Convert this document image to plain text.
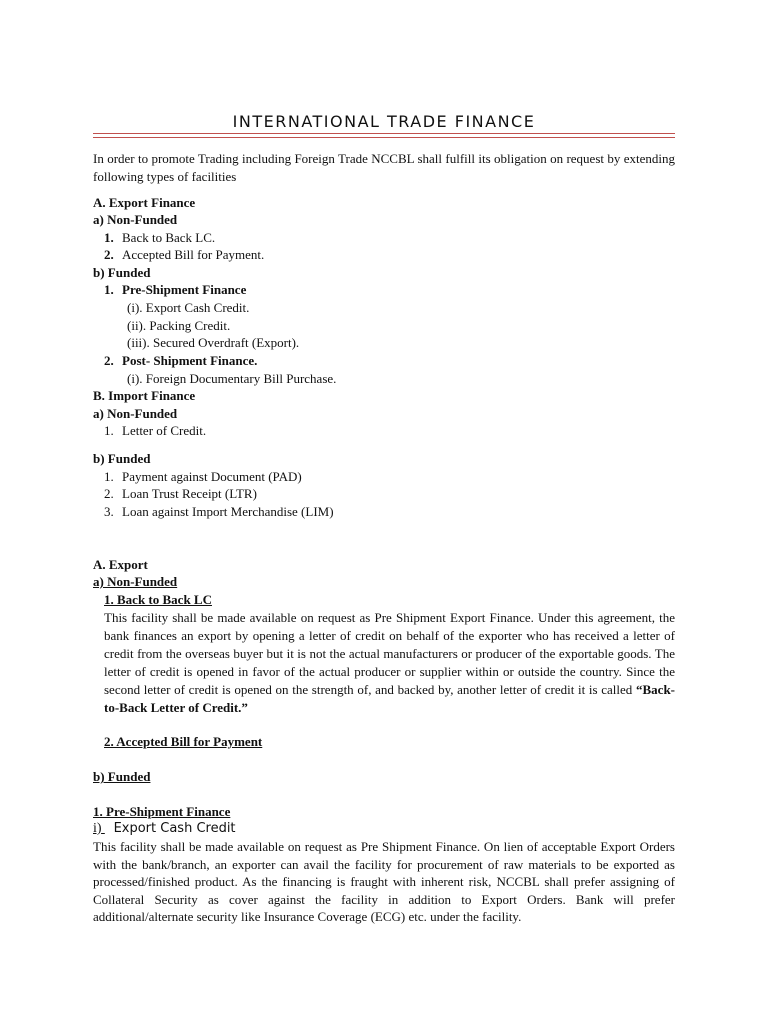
INTERNATIONAL TRADE FINANCE
In order to promote Trading including Foreign Trade NCCBL shall fulfill its obligation on request by extending following types of facilities
A. Export Finance
a) Non-Funded
1. Back to Back LC.
2. Accepted Bill for Payment.
b) Funded
1. Pre-Shipment Finance
(i). Export Cash Credit.
(ii). Packing Credit.
(iii). Secured Overdraft (Export).
2. Post- Shipment Finance.
(i). Foreign Documentary Bill Purchase.
B. Import Finance
a) Non-Funded
1. Letter of Credit.
b) Funded
1. Payment against Document (PAD)
2. Loan Trust Receipt (LTR)
3. Loan against Import Merchandise (LIM)
A. Export
a) Non-Funded
1. Back to Back LC
This facility shall be made available on request as Pre Shipment Export Finance. Under this agreement, the bank finances an export by opening a letter of credit on behalf of the exporter who has received a letter of credit from the overseas buyer but it is not the actual manufacturers or producer of the exportable goods. The letter of credit is opened in favor of the actual producer or supplier within or outside the country. Since the second letter of credit is opened on the strength of, and backed by, another letter of credit it is called “Back-to-Back Letter of Credit.”
2. Accepted Bill for Payment
b) Funded
1. Pre-Shipment Finance
i) Export Cash Credit
This facility shall be made available on request as Pre Shipment Finance. On lien of acceptable Export Orders with the bank/branch, an exporter can avail the facility for procurement of raw materials to be exported as processed/finished product. As the financing is fraught with inherent risk, NCCBL shall prefer assigning of Collateral Security as cover against the facility in addition to Export Orders. Bank will prefer additional/alternate security like Insurance Coverage (ECG) etc. under the facility.
